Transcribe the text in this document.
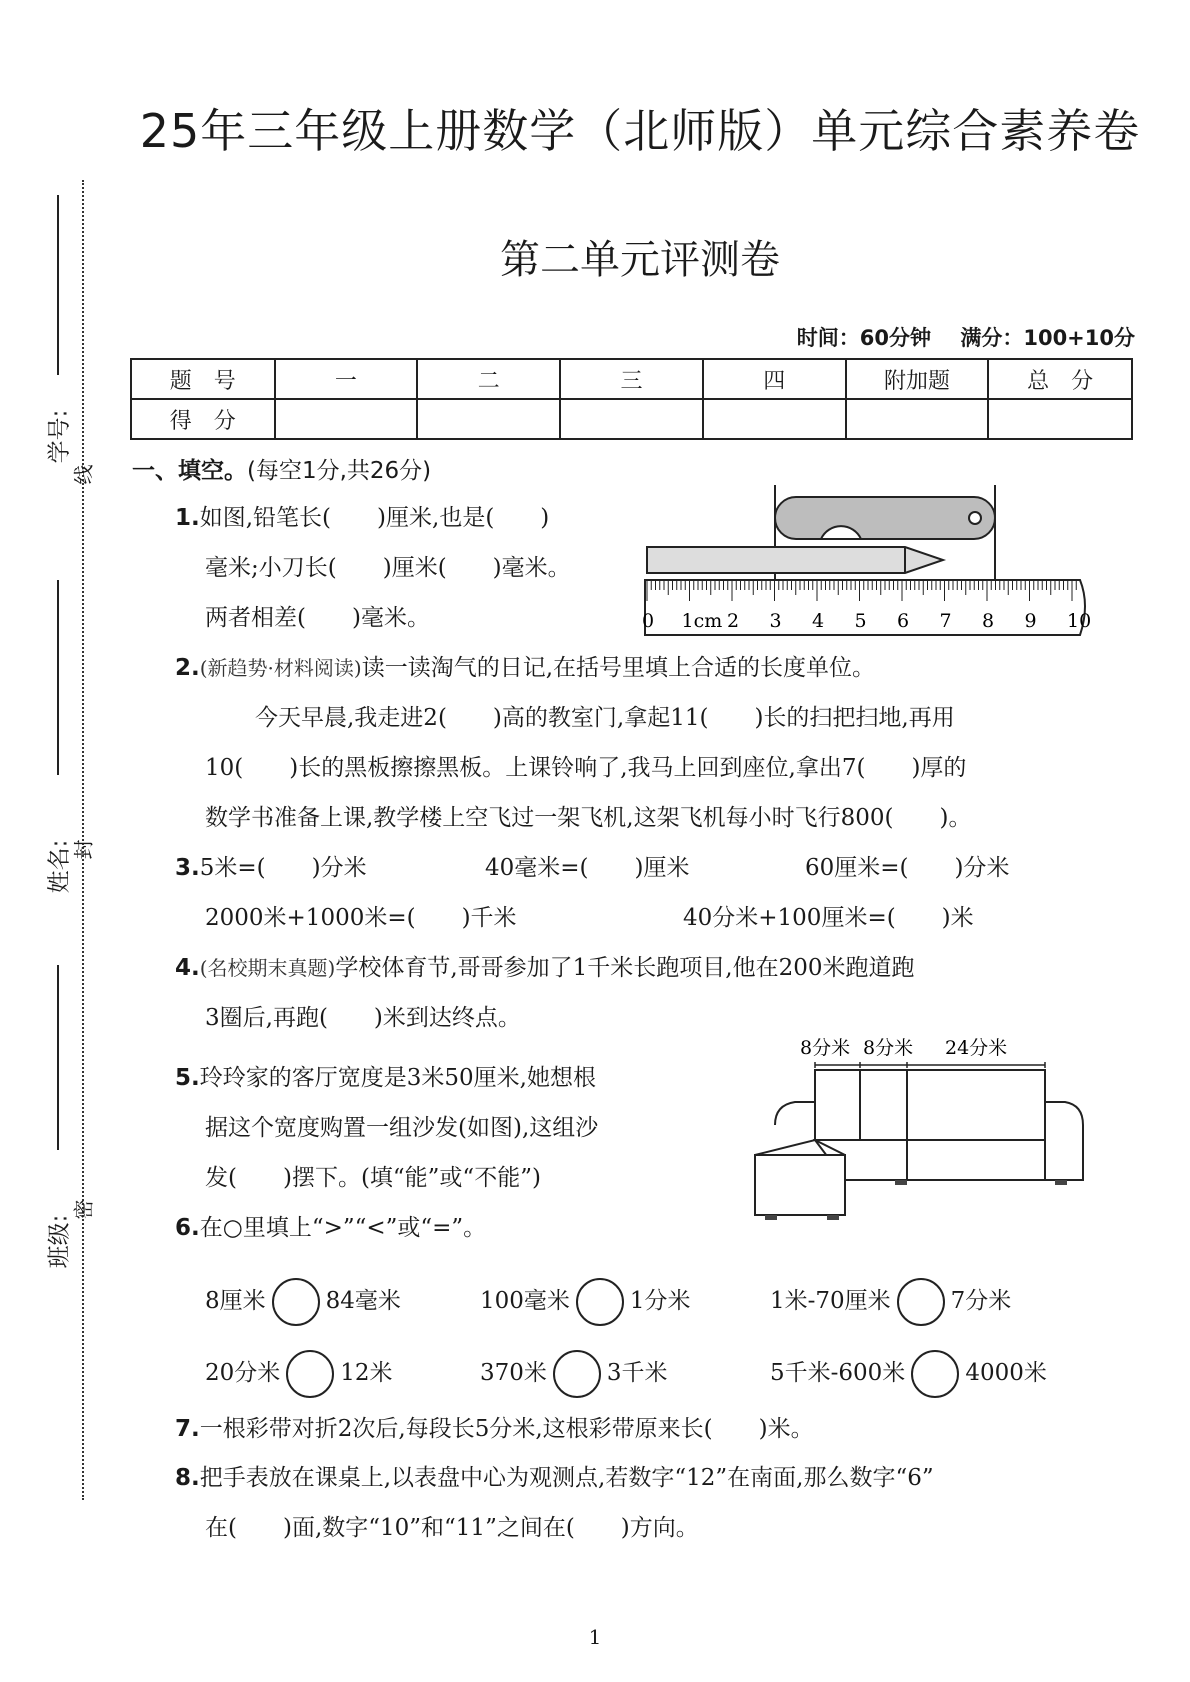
学号:
线
姓名: 封
班级:
密
25年三年级上册数学（北师版）单元综合素养卷
第二单元评测卷
时间：60分钟 满分：100+10分
题　号	一	二	三	四	附加题	总　分
得　分						
一、填空。(每空1分,共26分)
1.如图,铅笔长(　　)厘米,也是(　　)
毫米;小刀长(　　)厘米(　　)毫米。
两者相差(　　)毫米。	0 1cm 2 3 4 5 6 7 8 9 10
2.(新趋势·材料阅读)读一读淘气的日记,在括号里填上合适的长度单位。
今天早晨,我走进2(　　)高的教室门,拿起11(　　)长的扫把扫地,再用
10(　　)长的黑板擦擦黑板。上课铃响了,我马上回到座位,拿出7(　　)厚的
数学书准备上课,教学楼上空飞过一架飞机,这架飞机每小时飞行800(　　)。
3.5米=(　　)分米	40毫米=(　　)厘米	60厘米=(　　)分米
2000米+1000米=(　　)千米	40分米+100厘米=(　　)米
4.(名校期末真题)学校体育节,哥哥参加了1千米长跑项目,他在200米跑道跑
3圈后,再跑(　　)米到达终点。
5.玲玲家的客厅宽度是3米50厘米,她想根
据这个宽度购置一组沙发(如图),这组沙
发(　　)摆下。(填“能”或“不能”)
8分米 8分米 24分米
6.在○里填上“>”“<”或“=”。
8厘米	84毫米	100毫米	1分米	1米-70厘米	7分米
20分米	12米	370米	3千米	5千米-600米	4000米
7.一根彩带对折2次后,每段长5分米,这根彩带原来长(　　)米。
8.把手表放在课桌上,以表盘中心为观测点,若数字“12”在南面,那么数字“6”
在(　　)面,数字“10”和“11”之间在(　　)方向。
1
